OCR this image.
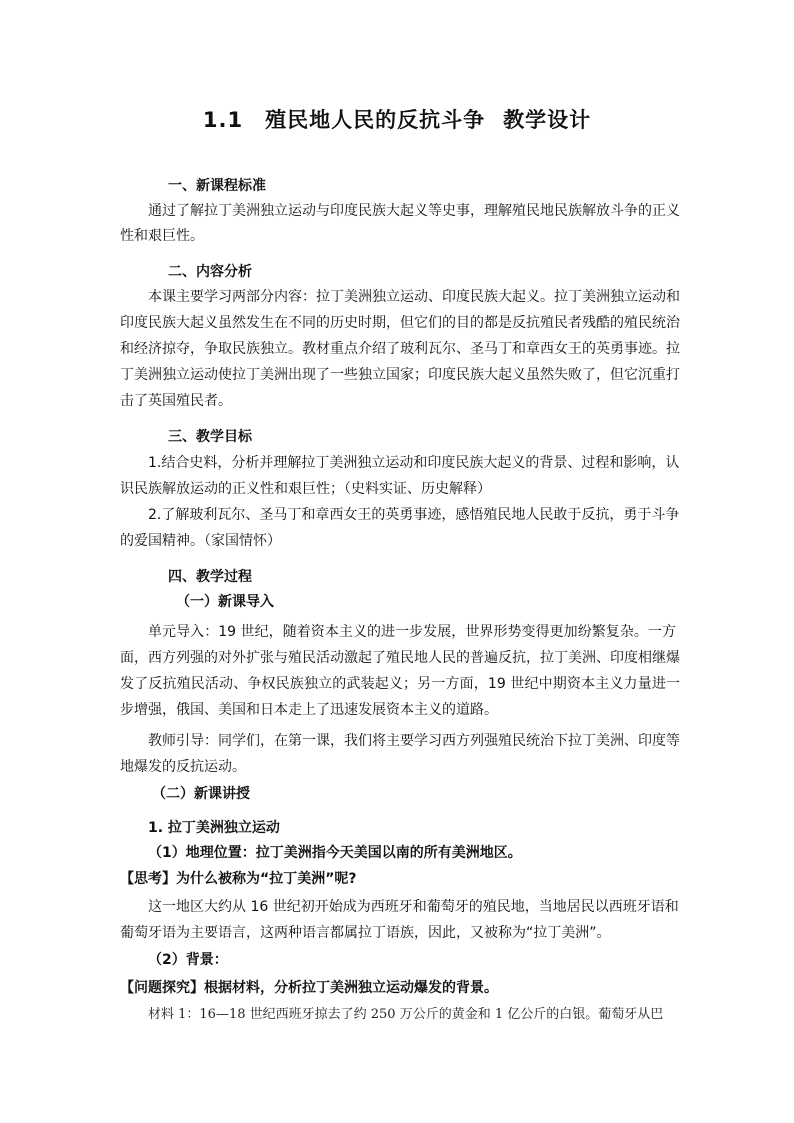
1.1 殖民地人民的反抗斗争 教学设计
一、新课程标准
通过了解拉丁美洲独立运动与印度民族大起义等史事，理解殖民地民族解放斗争的正义
性和艰巨性。
二、内容分析
本课主要学习两部分内容：拉丁美洲独立运动、印度民族大起义。拉丁美洲独立运动和
印度民族大起义虽然发生在不同的历史时期，但它们的目的都是反抗殖民者残酷的殖民统治
和经济掠夺，争取民族独立。教材重点介绍了玻利瓦尔、圣马丁和章西女王的英勇事迹。拉
丁美洲独立运动使拉丁美洲出现了一些独立国家；印度民族大起义虽然失败了，但它沉重打
击了英国殖民者。
三、教学目标
1.结合史料，分析并理解拉丁美洲独立运动和印度民族大起义的背景、过程和影响，认
识民族解放运动的正义性和艰巨性；（史料实证、历史解释）
2.了解玻利瓦尔、圣马丁和章西女王的英勇事迹，感悟殖民地人民敢于反抗，勇于斗争
的爱国精神。（家国情怀）
四、教学过程
（一）新课导入
单元导入：19 世纪，随着资本主义的进一步发展，世界形势变得更加纷繁复杂。一方
面，西方列强的对外扩张与殖民活动激起了殖民地人民的普遍反抗，拉丁美洲、印度相继爆
发了反抗殖民活动、争权民族独立的武装起义；另一方面，19 世纪中期资本主义力量进一
步增强，俄国、美国和日本走上了迅速发展资本主义的道路。
教师引导：同学们，在第一课，我们将主要学习西方列强殖民统治下拉丁美洲、印度等
地爆发的反抗运动。
（二）新课讲授
1. 拉丁美洲独立运动
（1）地理位置：拉丁美洲指今天美国以南的所有美洲地区。
【思考】为什么被称为“拉丁美洲”呢?
这一地区大约从 16 世纪初开始成为西班牙和葡萄牙的殖民地，当地居民以西班牙语和
葡萄牙语为主要语言，这两种语言都属拉丁语族，因此，又被称为“拉丁美洲”。
（2）背景：
【问题探究】根据材料，分析拉丁美洲独立运动爆发的背景。
材料 1：16—18 世纪西班牙掠去了约 250 万公斤的黄金和 1 亿公斤的白银。葡萄牙从巴
